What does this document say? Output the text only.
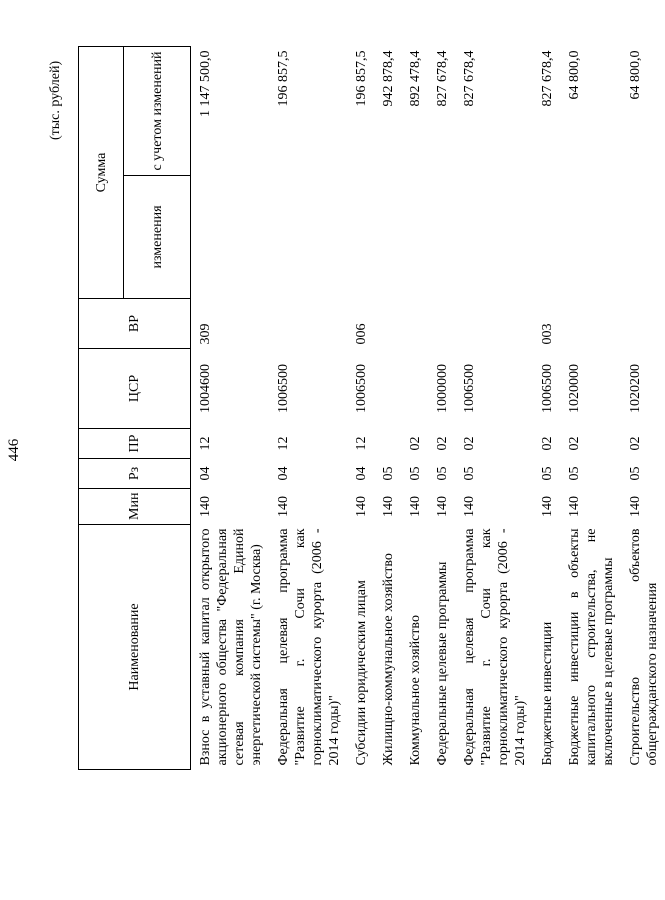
446
(тыс. рублей)
Наименование	Мин	Рз	ПР	ЦСР	ВР	Сумма	
						изменения	с учетом изменений
Взнос в уставный капитал открытого акционерного общества "Федеральная сетевая компания Единой энергетической системы" (г. Москва)	140	04	12	1004600	309		1 147 500,0
Федеральная целевая программа "Развитие г. Сочи как горноклиматического курорта (2006 - 2014 годы)"	140	04	12	1006500			196 857,5
Субсидии юридическим лицам	140	04	12	1006500	006		196 857,5
Жилищно-коммунальное хозяйство	140	05					942 878,4
Коммунальное хозяйство	140	05	02				892 478,4
Федеральные целевые программы	140	05	02	1000000			827 678,4
Федеральная целевая программа "Развитие г. Сочи как горноклиматического курорта (2006 - 2014 годы)"	140	05	02	1006500			827 678,4
Бюджетные инвестиции	140	05	02	1006500	003		827 678,4
Бюджетные инвестиции в объекты капитального строительства, не включенные в целевые программы	140	05	02	1020000			64 800,0
Строительство объектов общегражданского назначения	140	05	02	1020200			64 800,0
